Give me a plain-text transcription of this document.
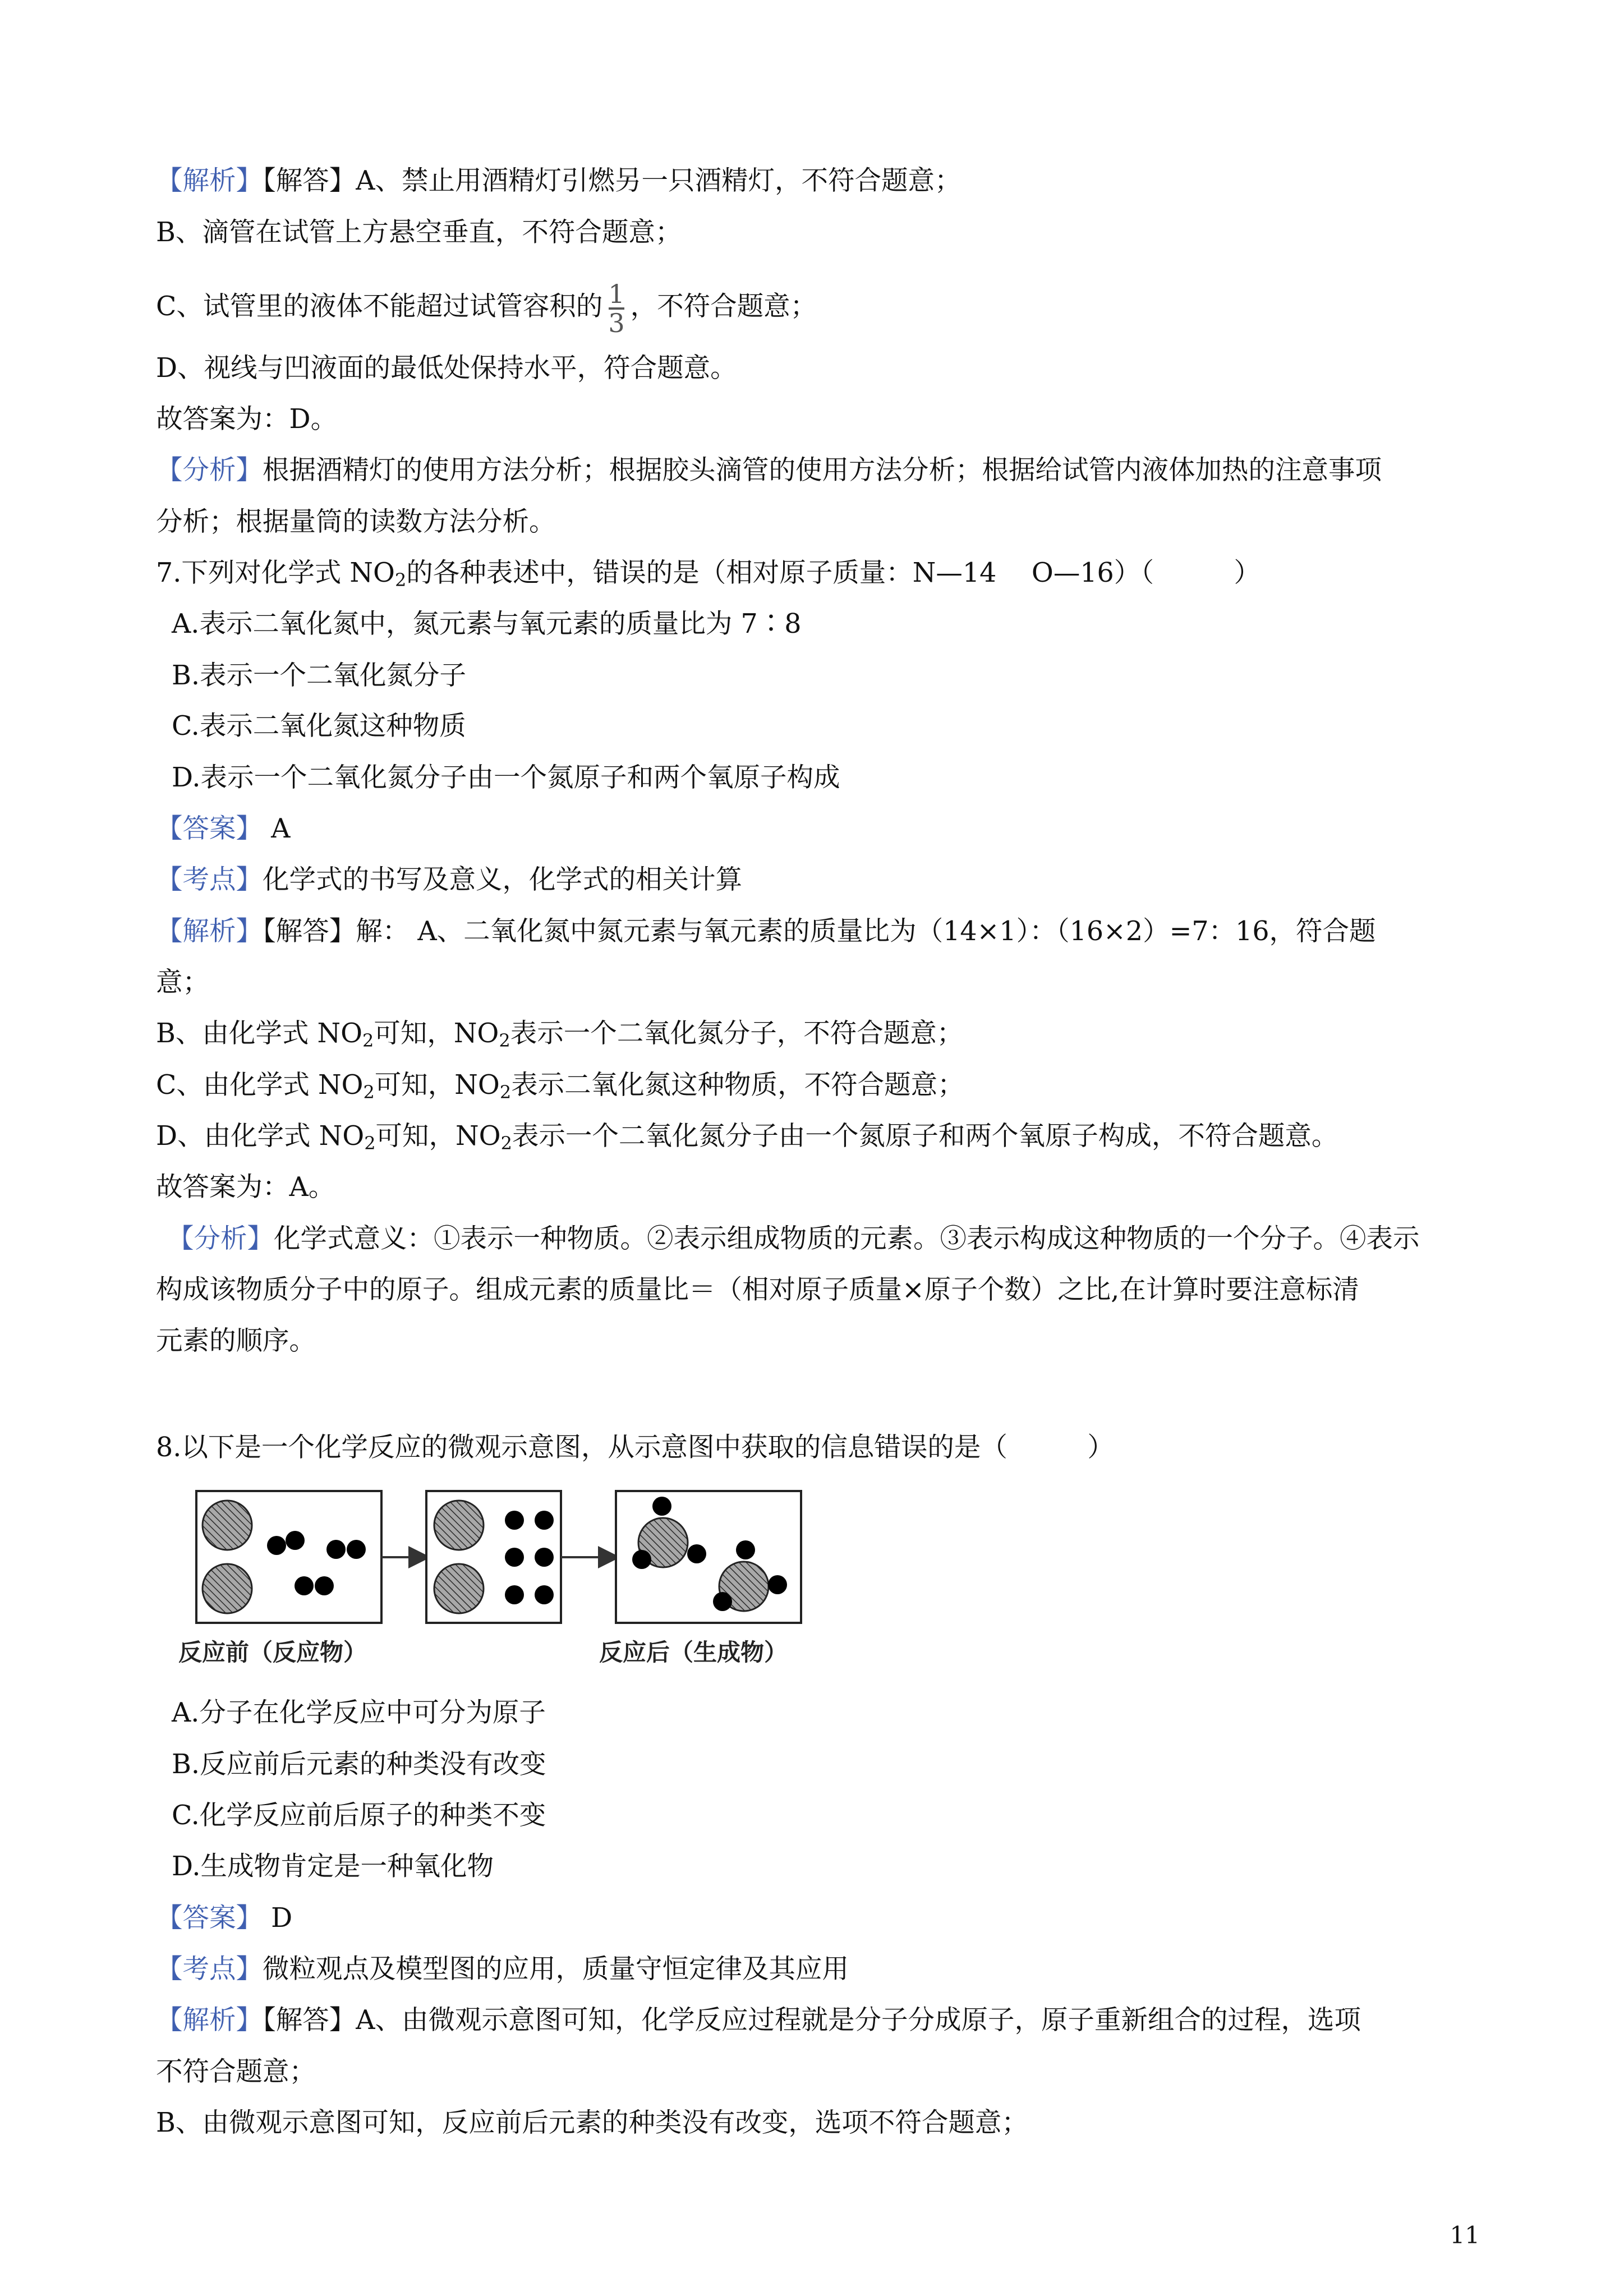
【解析】【解答】A、禁止用酒精灯引燃另一只酒精灯，不符合题意；
B、滴管在试管上方悬空垂直，不符合题意；
C、试管里的液体不能超过试管容积的 $\frac{1}{3}$ ，不符合题意；
D、视线与凹液面的最低处保持水平，符合题意。
故答案为：D。
【分析】根据酒精灯的使用方法分析；根据胶头滴管的使用方法分析；根据给试管内液体加热的注意事项
分析；根据量筒的读数方法分析。
7.下列对化学式 $NO_2$的各种表述中，错误的是（相对原子质量：N—14　 O—16）（　　　）
A.表示二氧化氮中，氮元素与氧元素的质量比为 7∶8
B.表示一个二氧化氮分子
C.表示二氧化氮这种物质
D.表示一个二氧化氮分子由一个氮原子和两个氧原子构成
【答案】 A
【考点】化学式的书写及意义，化学式的相关计算
【解析】【解答】解： A、二氧化氮中氮元素与氧元素的质量比为（14×1）：（16×2）=7：16，符合题
意；
B、由化学式 $NO_2$可知，$NO_2$表示一个二氧化氮分子，不符合题意；
C、由化学式 $NO_2$可知，$NO_2$表示二氧化氮这种物质，不符合题意；
D、由化学式 $NO_2$可知，$NO_2$表示一个二氧化氮分子由一个氮原子和两个氧原子构成，不符合题意。
故答案为：A。
【分析】化学式意义：①表示一种物质。②表示组成物质的元素。③表示构成这种物质的一个分子。④表示
构成该物质分子中的原子。组成元素的质量比＝（相对原子质量×原子个数）之比,在计算时要注意标清
元素的顺序。
8.以下是一个化学反应的微观示意图，从示意图中获取的信息错误的是（　　　）
A.分子在化学反应中可分为原子
B.反应前后元素的种类没有改变
C.化学反应前后原子的种类不变
D.生成物肯定是一种氧化物
【答案】 D
【考点】微粒观点及模型图的应用，质量守恒定律及其应用
【解析】【解答】A、由微观示意图可知，化学反应过程就是分子分成原子，原子重新组合的过程，选项
不符合题意；
B、由微观示意图可知，反应前后元素的种类没有改变，选项不符合题意；
反应前（反应物）	反应后（生成物）
11
